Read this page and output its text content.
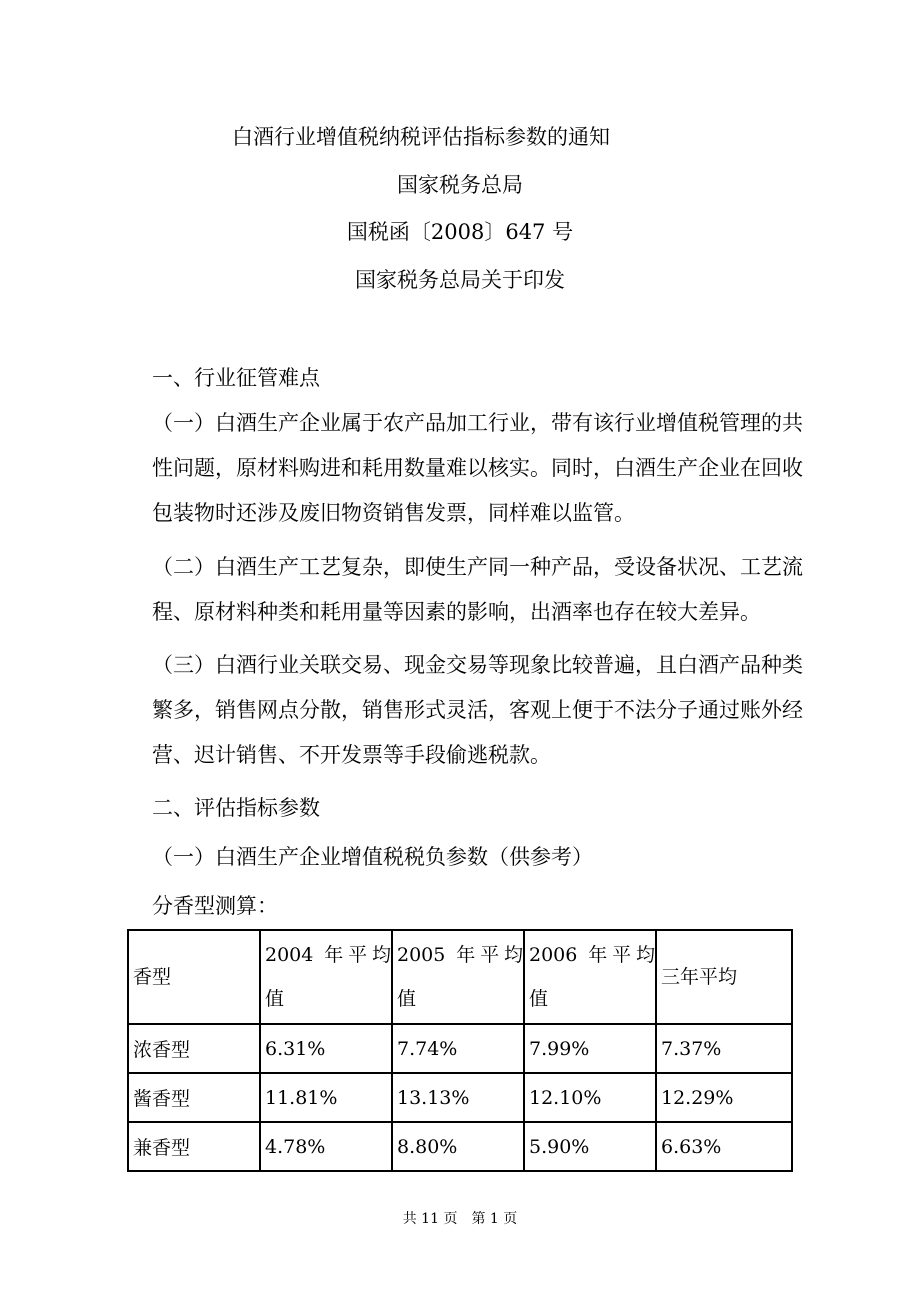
白酒行业增值税纳税评估指标参数的通知
国家税务总局
国税函〔2008〕647 号
国家税务总局关于印发
一、行业征管难点
（一）白酒生产企业属于农产品加工行业，带有该行业增值税管理的共性问题，原材料购进和耗用数量难以核实。同时，白酒生产企业在回收包装物时还涉及废旧物资销售发票，同样难以监管。
（二）白酒生产工艺复杂，即使生产同一种产品，受设备状况、工艺流程、原材料种类和耗用量等因素的影响，出酒率也存在较大差异。
（三）白酒行业关联交易、现金交易等现象比较普遍，且白酒产品种类繁多，销售网点分散，销售形式灵活，客观上便于不法分子通过账外经营、迟计销售、不开发票等手段偷逃税款。
二、评估指标参数
（一）白酒生产企业增值税税负参数（供参考）
分香型测算：
香型	2004 年平均值	2005 年平均值	2006 年平均值	三年平均
浓香型	6.31%	7.74%	7.99%	7.37%
酱香型	11.81%	13.13%	12.10%	12.29%
兼香型	4.78%	8.80%	5.90%	6.63%
共 11 页　第 1 页
